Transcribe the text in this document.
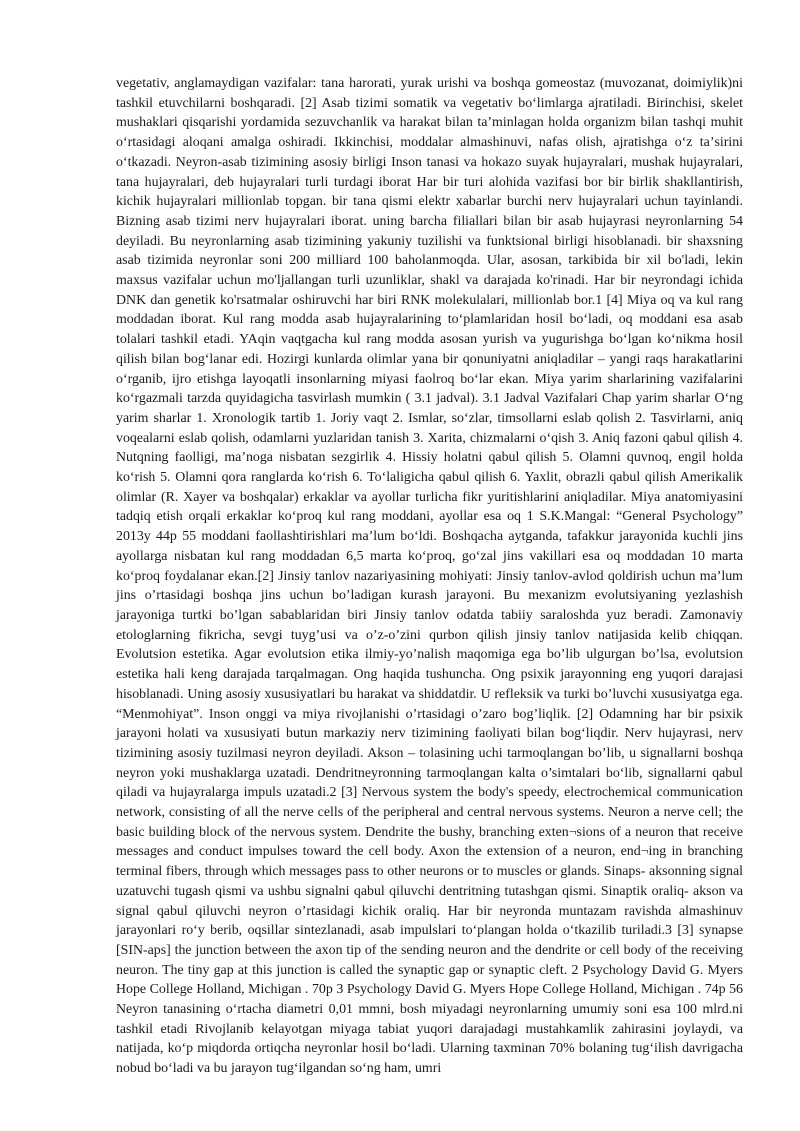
vegetativ, anglamaydigan vazifalar: tana harorati, yurak urishi va boshqa gomeostaz (muvozanat, doimiylik)ni tashkil etuvchilarni boshqaradi. [2] Asab tizimi somatik va vegetativ boʻlimlarga ajratiladi. Birinchisi, skelet mushaklari qisqarishi yordamida sezuvchanlik va harakat bilan taʼminlagan holda organizm bilan tashqi muhit oʻrtasidagi aloqani amalga oshiradi. Ikkinchisi, moddalar almashinuvi, nafas olish, ajratishga oʻz taʼsirini oʻtkazadi. Neyron-asab tizimining asosiy birligi Inson tanasi va hokazo suyak hujayralari, mushak hujayralari, tana hujayralari, deb hujayralari turli turdagi iborat Har bir turi alohida vazifasi bor bir birlik shakllantirish, kichik hujayralari millionlab topgan. bir tana qismi elektr xabarlar burchi nerv hujayralari uchun tayinlandi. Bizning asab tizimi nerv hujayralari iborat. uning barcha filiallari bilan bir asab hujayrasi neyronlarning 54 deyiladi. Bu neyronlarning asab tizimining yakuniy tuzilishi va funktsional birligi hisoblanadi. bir shaxsning asab tizimida neyronlar soni 200 milliard 100 baholanmoqda. Ular, asosan, tarkibida bir xil bo'ladi, lekin maxsus vazifalar uchun mo'ljallangan turli uzunliklar, shakl va darajada ko'rinadi. Har bir neyrondagi ichida DNK dan genetik ko'rsatmalar oshiruvchi har biri RNK molekulalari, millionlab bor.1 [4] Miya oq va kul rang moddadan iborat. Kul rang modda asab hujayralarining toʻplamlaridan hosil boʻladi, oq moddani esa asab tolalari tashkil etadi. YAqin vaqtgacha kul rang modda asosan yurish va yugurishga boʻlgan koʻnikma hosil qilish bilan bogʻlanar edi. Hozirgi kunlarda olimlar yana bir qonuniyatni aniqladilar – yangi raqs harakatlarini oʻrganib, ijro etishga layoqatli insonlarning miyasi faolroq boʻlar ekan. Miya yarim sharlarining vazifalarini koʻrgazmali tarzda quyidagicha tasvirlash mumkin ( 3.1 jadval). 3.1 Jadval Vazifalari Chap yarim sharlar Oʻng yarim sharlar 1. Xronologik tartib 1. Joriy vaqt 2. Ismlar, soʻzlar, timsollarni eslab qolish 2. Tasvirlarni, aniq voqealarni eslab qolish, odamlarni yuzlaridan tanish 3. Xarita, chizmalarni oʻqish 3. Aniq fazoni qabul qilish 4. Nutqning faolligi, maʼnoga nisbatan sezgirlik 4. Hissiy holatni qabul qilish 5. Olamni quvnoq, engil holda koʻrish 5. Olamni qora ranglarda koʻrish 6. Toʻlaligicha qabul qilish 6. Yaxlit, obrazli qabul qilish Amerikalik olimlar (R. Xayer va boshqalar) erkaklar va ayollar turlicha fikr yuritishlarini aniqladilar. Miya anatomiyasini tadqiq etish orqali erkaklar koʻproq kul rang moddani, ayollar esa oq 1 S.K.Mangal: “General Psychology” 2013y 44p 55 moddani faollashtirishlari ma’lum bo‘ldi. Boshqacha aytganda, tafakkur jarayonida kuchli jins ayollarga nisbatan kul rang moddadan 6,5 marta koʻproq, goʻzal jins vakillari esa oq moddadan 10 marta koʻproq foydalanar ekan.[2] Jinsiy tanlov nazariyasining mohiyati: Jinsiy tanlov-avlod qoldirish uchun ma’lum jins o’rtasidagi boshqa jins uchun bo’ladigan kurash jarayoni. Bu mexanizm evolutsiyaning yezlashish jarayoniga turtki bo’lgan sabablaridan biri Jinsiy tanlov odatda tabiiy saraloshda yuz beradi. Zamonaviy etologlarning fikricha, sevgi tuyg’usi va o’z-o’zini qurbon qilish jinsiy tanlov natijasida kelib chiqqan. Evolutsion estetika. Agar evolutsion etika ilmiy-yo’nalish maqomiga ega bo’lib ulgurgan bo’lsa, evolutsion estetika hali keng darajada tarqalmagan. Ong haqida tushuncha. Ong psixik jarayonning eng yuqori darajasi hisoblanadi. Uning asosiy xususiyatlari bu harakat va shiddatdir. U refleksik va turki bo’luvchi xususiyatga ega. “Menmohiyat”. Inson onggi va miya rivojlanishi o’rtasidagi o’zaro bog’liqlik. [2] Odamning har bir psixik jarayoni holati va xususiyati butun markaziy nerv tizimining faoliyati bilan bog‘liqdir. Nerv hujayrasi, nerv tizimining asosiy tuzilmasi neyron deyiladi. Akson – tolasining uchi tarmoqlangan bo’lib, u signallarni boshqa neyron yoki mushaklarga uzatadi. Dendritneyronning tarmoqlangan kalta o’simtalari bo‘lib, signallarni qabul qiladi va hujayralarga impuls uzatadi.2 [3] Nervous system the body's speedy, electrochemical communication network, consisting of all the nerve cells of the peripheral and central nervous systems. Neuron a nerve cell; the basic building block of the nervous system. Dendrite the bushy, branching exten¬sions of a neuron that receive messages and conduct impulses toward the cell body. Axon the extension of a neuron, end¬ing in branching terminal fibers, through which messages pass to other neurons or to muscles or glands. Sinaps- aksonning signal uzatuvchi tugash qismi va ushbu signalni qabul qiluvchi dentritning tutashgan qismi. Sinaptik oraliq- akson va signal qabul qiluvchi neyron o’rtasidagi kichik oraliq. Har bir neyronda muntazam ravishda almashinuv jarayonlari ro‘y berib, oqsillar sintezlanadi, asab impulslari to‘plangan holda o‘tkazilib turiladi.3 [3] synapse [SIN-aps] the junction between the axon tip of the sending neuron and the dendrite or cell body of the receiving neuron. The tiny gap at this junction is called the synaptic gap or synaptic cleft. 2 Psychology David G. Myers Hope College Holland, Michigan . 70p 3 Psychology David G. Myers Hope College Holland, Michigan . 74p 56 Neyron tanasining o‘rtacha diametri 0,01 mmni, bosh miyadagi neyronlarning umumiy soni esa 100 mlrd.ni tashkil etadi Rivojlanib kelayotgan miyaga tabiat yuqori darajadagi mustahkamlik zahirasini joylaydi, va natijada, ko‘p miqdorda ortiqcha neyronlar hosil bo‘ladi. Ularning taxminan 70% bolaning tug‘ilish davrigacha nobud bo‘ladi va bu jarayon tug‘ilgandan so‘ng ham, umri
